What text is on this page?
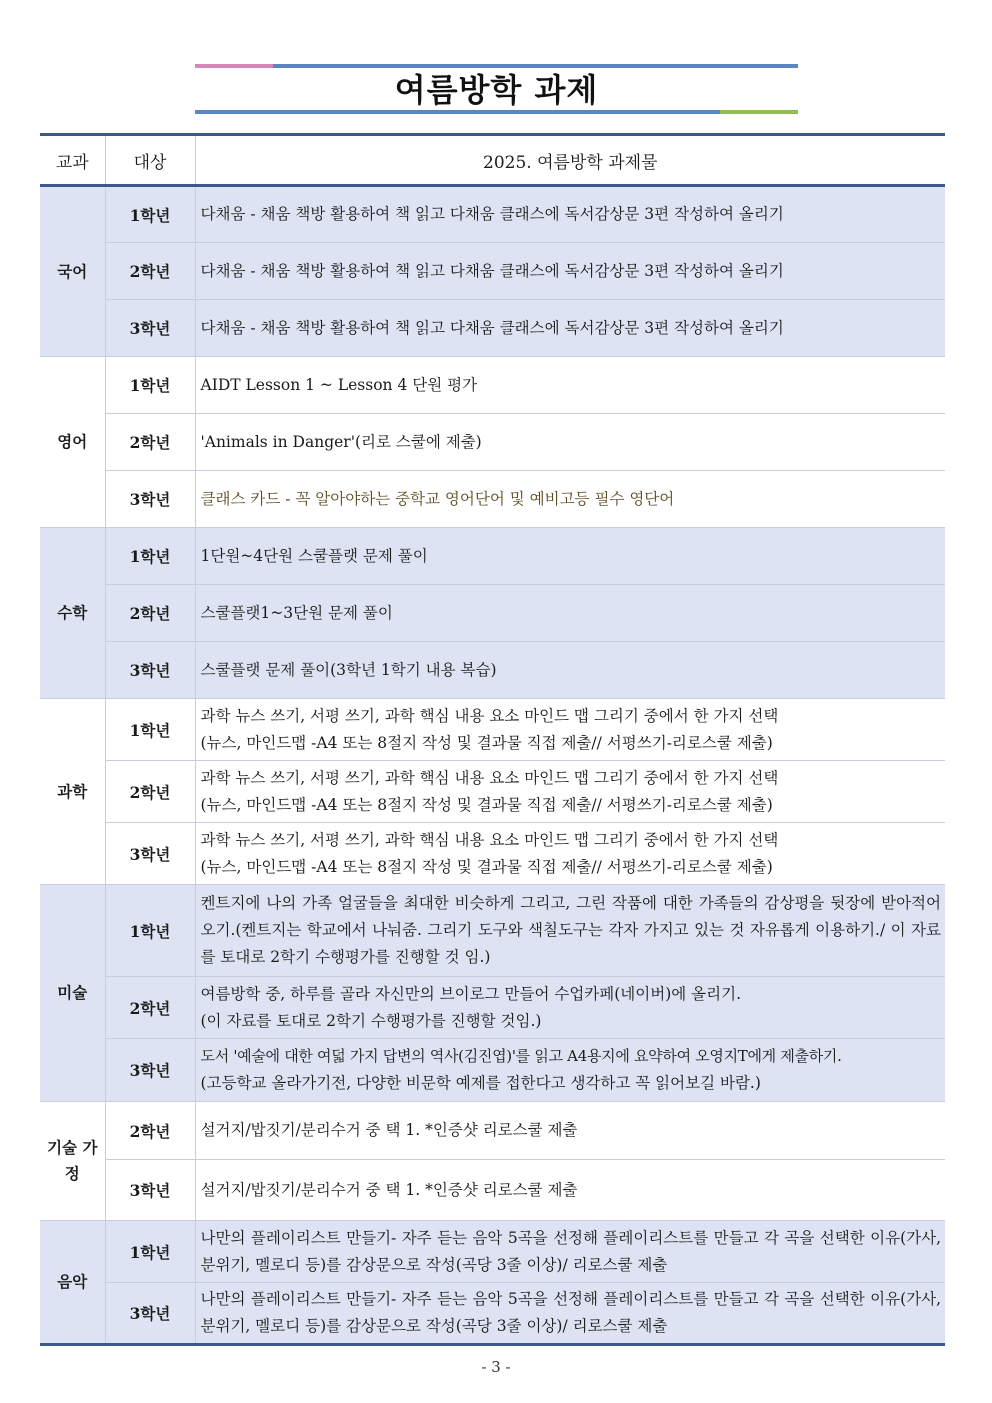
여름방학 과제
교과	대상	2025. 여름방학 과제물
국어	1학년	다채움 - 채움 책방 활용하여 책 읽고 다채움 클래스에 독서감상문 3편 작성하여 올리기
	2학년	다채움 - 채움 책방 활용하여 책 읽고 다채움 클래스에 독서감상문 3편 작성하여 올리기
	3학년	다채움 - 채움 책방 활용하여 책 읽고 다채움 클래스에 독서감상문 3편 작성하여 올리기
영어	1학년	AIDT Lesson 1 ~ Lesson 4 단원 평가
	2학년	'Animals in Danger'(리로 스쿨에 제출)
	3학년	클래스 카드 - 꼭 알아야하는 중학교 영어단어 및 예비고등 필수 영단어
수학	1학년	1단원~4단원 스쿨플랫 문제 풀이
	2학년	스쿨플랫1~3단원 문제 풀이
	3학년	스쿨플랫 문제 풀이(3학년 1학기 내용 복습)
과학	1학년	과학 뉴스 쓰기, 서평 쓰기, 과학 핵심 내용 요소 마인드 맵 그리기 중에서 한 가지 선택
(뉴스, 마인드맵 -A4 또는 8절지 작성 및 결과물 직접 제출// 서평쓰기-리로스쿨 제출)

	2학년	과학 뉴스 쓰기, 서평 쓰기, 과학 핵심 내용 요소 마인드 맵 그리기 중에서 한 가지 선택
(뉴스, 마인드맵 -A4 또는 8절지 작성 및 결과물 직접 제출// 서평쓰기-리로스쿨 제출)

	3학년	과학 뉴스 쓰기, 서평 쓰기, 과학 핵심 내용 요소 마인드 맵 그리기 중에서 한 가지 선택
(뉴스, 마인드맵 -A4 또는 8절지 작성 및 결과물 직접 제출// 서평쓰기-리로스쿨 제출)

미술	1학년	켄트지에 나의 가족 얼굴들을 최대한 비슷하게 그리고, 그린 작품에 대한 가족들의 감상평을 뒷장에 받아적어오기.(켄트지는 학교에서 나눠줌. 그리기 도구와 색칠도구는 각자 가지고 있는 것 자유롭게 이용하기./ 이 자료를 토대로 2학기 수행평가를 진행할 것 임.)

	2학년	여름방학 중, 하루를 골라 자신만의 브이로그 만들어 수업카페(네이버)에 올리기.
(이 자료를 토대로 2학기 수행평가를 진행할 것임.)

	3학년	도서 '예술에 대한 여덟 가지 답변의 역사(김진엽)'를 읽고 A4용지에 요약하여 오영지T에게 제출하기.
(고등학교 올라가기전, 다양한 비문학 예제를 접한다고 생각하고 꼭 읽어보길 바람.)

기술 가정	2학년	설거지/밥짓기/분리수거 중 택 1. *인증샷 리로스쿨 제출
	3학년	설거지/밥짓기/분리수거 중 택 1. *인증샷 리로스쿨 제출
음악	1학년	나만의 플레이리스트 만들기- 자주 듣는 음악 5곡을 선정해 플레이리스트를 만들고 각 곡을 선택한 이유(가사, 분위기, 멜로디 등)를 감상문으로 작성(곡당 3줄 이상)/ 리로스쿨 제출

	3학년	나만의 플레이리스트 만들기- 자주 듣는 음악 5곡을 선정해 플레이리스트를 만들고 각 곡을 선택한 이유(가사, 분위기, 멜로디 등)를 감상문으로 작성(곡당 3줄 이상)/ 리로스쿨 제출
- 3 -
